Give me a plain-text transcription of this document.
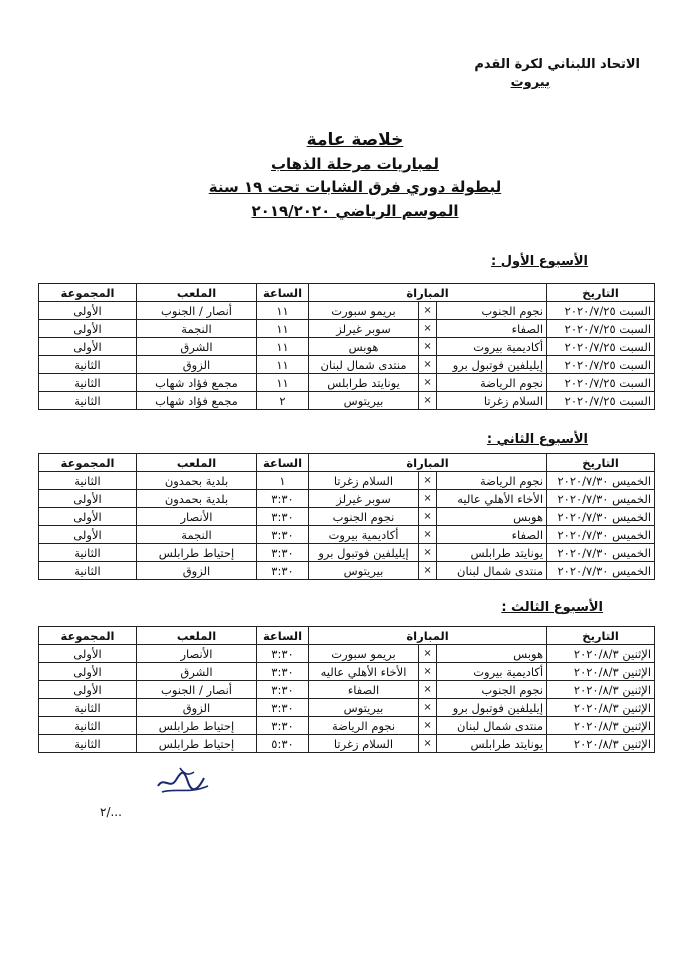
الاتحاد اللبناني لكرة القدم
بيروت
خلاصة عامة
لمباريات مرحلة الذهاب
لبطولة دوري فرق الشابات تحت ١٩ سنة
الموسم الرياضي ٢٠١٩/٢٠٢٠
الأسبوع الأول :
التاريخ	المباراة			الساعة	الملعب	المجموعة
السبت ٢٠٢٠/٧/٢٥	نجوم الجنوب	×	بريمو سبورت	١١	أنصار / الجنوب	الأولى
السبت ٢٠٢٠/٧/٢٥	الصفاء	×	سوبر غيرلز	١١	النجمة	الأولى
السبت ٢٠٢٠/٧/٢٥	أكاديمية بيروت	×	هوبس	١١	الشرق	الأولى
السبت ٢٠٢٠/٧/٢٥	إيليلفين فوتبول برو	×	منتدى شمال لبنان	١١	الزوق	الثانية
السبت ٢٠٢٠/٧/٢٥	نجوم الرياضة	×	يونايتد طرابلس	١١	مجمع فؤاد شهاب	الثانية
السبت ٢٠٢٠/٧/٢٥	السلام زغرتا	×	بيريتوس	٢	مجمع فؤاد شهاب	الثانية
الأسبوع الثاني :
التاريخ	المباراة			الساعة	الملعب	المجموعة
الخميس ٢٠٢٠/٧/٣٠	نجوم الرياضة	×	السلام زغرتا	١	بلدية بحمدون	الثانية
الخميس ٢٠٢٠/٧/٣٠	الأخاء الأهلي عاليه	×	سوبر غيرلز	٣:٣٠	بلدية بحمدون	الأولى
الخميس ٢٠٢٠/٧/٣٠	هوبس	×	نجوم الجنوب	٣:٣٠	الأنصار	الأولى
الخميس ٢٠٢٠/٧/٣٠	الصفاء	×	أكاديمية بيروت	٣:٣٠	النجمة	الأولى
الخميس ٢٠٢٠/٧/٣٠	يونايتد طرابلس	×	إيليلفين فوتبول برو	٣:٣٠	إحتياط طرابلس	الثانية
الخميس ٢٠٢٠/٧/٣٠	منتدى شمال لبنان	×	بيريتوس	٣:٣٠	الزوق	الثانية
الأسبوع الثالث :
التاريخ	المباراة			الساعة	الملعب	المجموعة
الإثنين ٢٠٢٠/٨/٣	هوبس	×	بريمو سبورت	٣:٣٠	الأنصار	الأولى
الإثنين ٢٠٢٠/٨/٣	أكاديمية بيروت	×	الأخاء الأهلي عاليه	٣:٣٠	الشرق	الأولى
الإثنين ٢٠٢٠/٨/٣	نجوم الجنوب	×	الصفاء	٣:٣٠	أنصار / الجنوب	الأولى
الإثنين ٢٠٢٠/٨/٣	إيليلفين فوتبول برو	×	بيريتوس	٣:٣٠	الزوق	الثانية
الإثنين ٢٠٢٠/٨/٣	منتدى شمال لبنان	×	نجوم الرياضة	٣:٣٠	إحتياط طرابلس	الثانية
الإثنين ٢٠٢٠/٨/٣	يونايتد طرابلس	×	السلام زغرتا	٥:٣٠	إحتياط طرابلس	الثانية
٢/...
